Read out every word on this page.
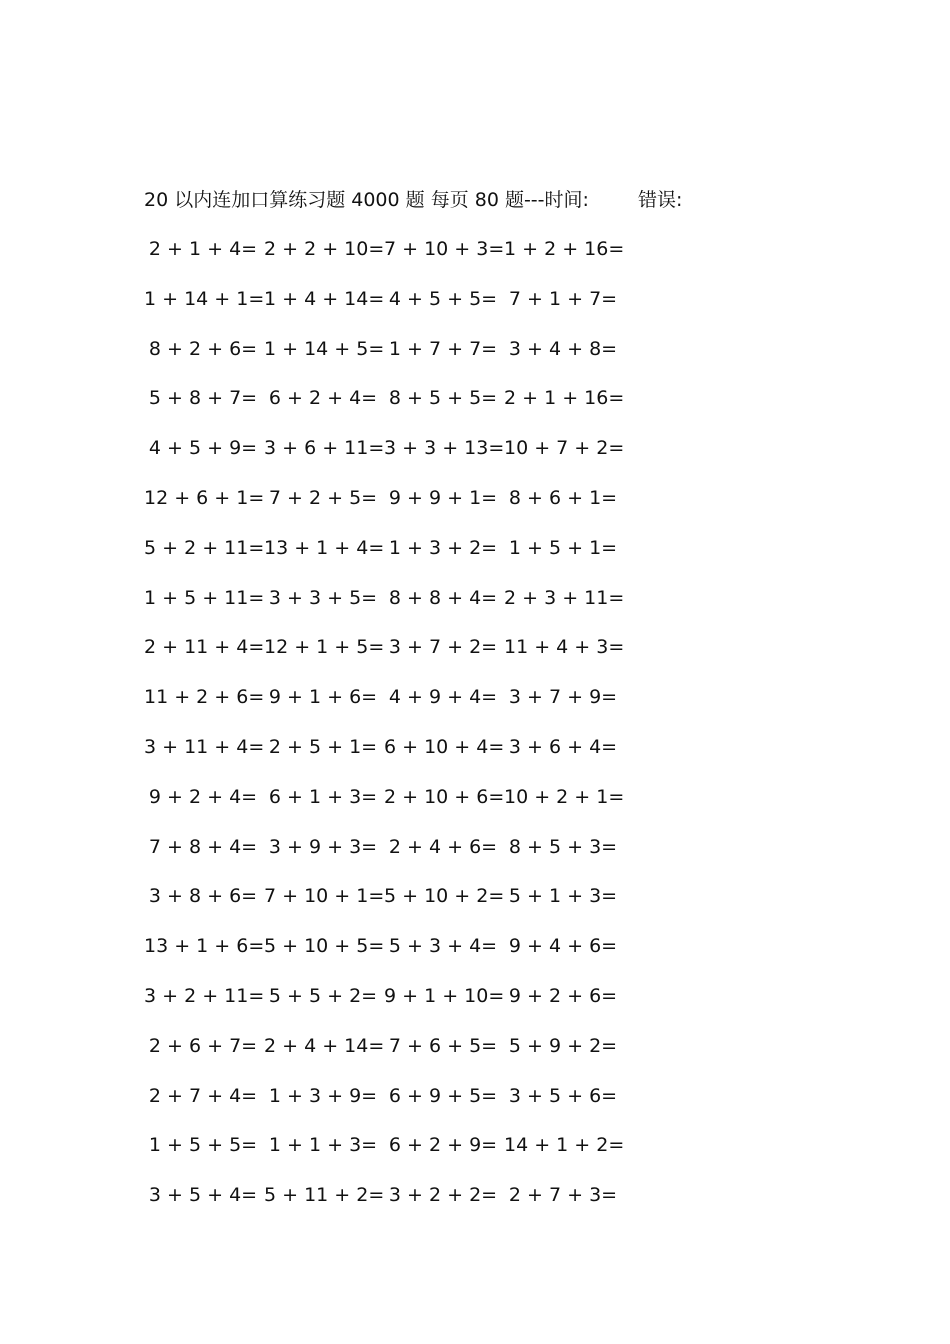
20 以内连加口算练习题 4000 题 每页 80 题---时间:	错误:
2 + 1 + 4= 2 + 2 + 10= 7 + 10 + 3= 1 + 2 + 16=
1 + 14 + 1= 1 + 4 + 14= 4 + 5 + 5= 7 + 1 + 7=
8 + 2 + 6= 1 + 14 + 5= 1 + 7 + 7= 3 + 4 + 8=
5 + 8 + 7= 6 + 2 + 4= 8 + 5 + 5= 2 + 1 + 16=
4 + 5 + 9= 3 + 6 + 11= 3 + 3 + 13= 10 + 7 + 2=
12 + 6 + 1= 7 + 2 + 5= 9 + 9 + 1= 8 + 6 + 1=
5 + 2 + 11= 13 + 1 + 4= 1 + 3 + 2= 1 + 5 + 1=
1 + 5 + 11= 3 + 3 + 5= 8 + 8 + 4= 2 + 3 + 11=
2 + 11 + 4= 12 + 1 + 5= 3 + 7 + 2= 11 + 4 + 3=
11 + 2 + 6= 9 + 1 + 6= 4 + 9 + 4= 3 + 7 + 9=
3 + 11 + 4= 2 + 5 + 1= 6 + 10 + 4= 3 + 6 + 4=
9 + 2 + 4= 6 + 1 + 3= 2 + 10 + 6= 10 + 2 + 1=
7 + 8 + 4= 3 + 9 + 3= 2 + 4 + 6= 8 + 5 + 3=
3 + 8 + 6= 7 + 10 + 1= 5 + 10 + 2= 5 + 1 + 3=
13 + 1 + 6= 5 + 10 + 5= 5 + 3 + 4= 9 + 4 + 6=
3 + 2 + 11= 5 + 5 + 2= 9 + 1 + 10= 9 + 2 + 6=
2 + 6 + 7= 2 + 4 + 14= 7 + 6 + 5= 5 + 9 + 2=
2 + 7 + 4= 1 + 3 + 9= 6 + 9 + 5= 3 + 5 + 6=
1 + 5 + 5= 1 + 1 + 3= 6 + 2 + 9= 14 + 1 + 2=
3 + 5 + 4= 5 + 11 + 2= 3 + 2 + 2= 2 + 7 + 3=
